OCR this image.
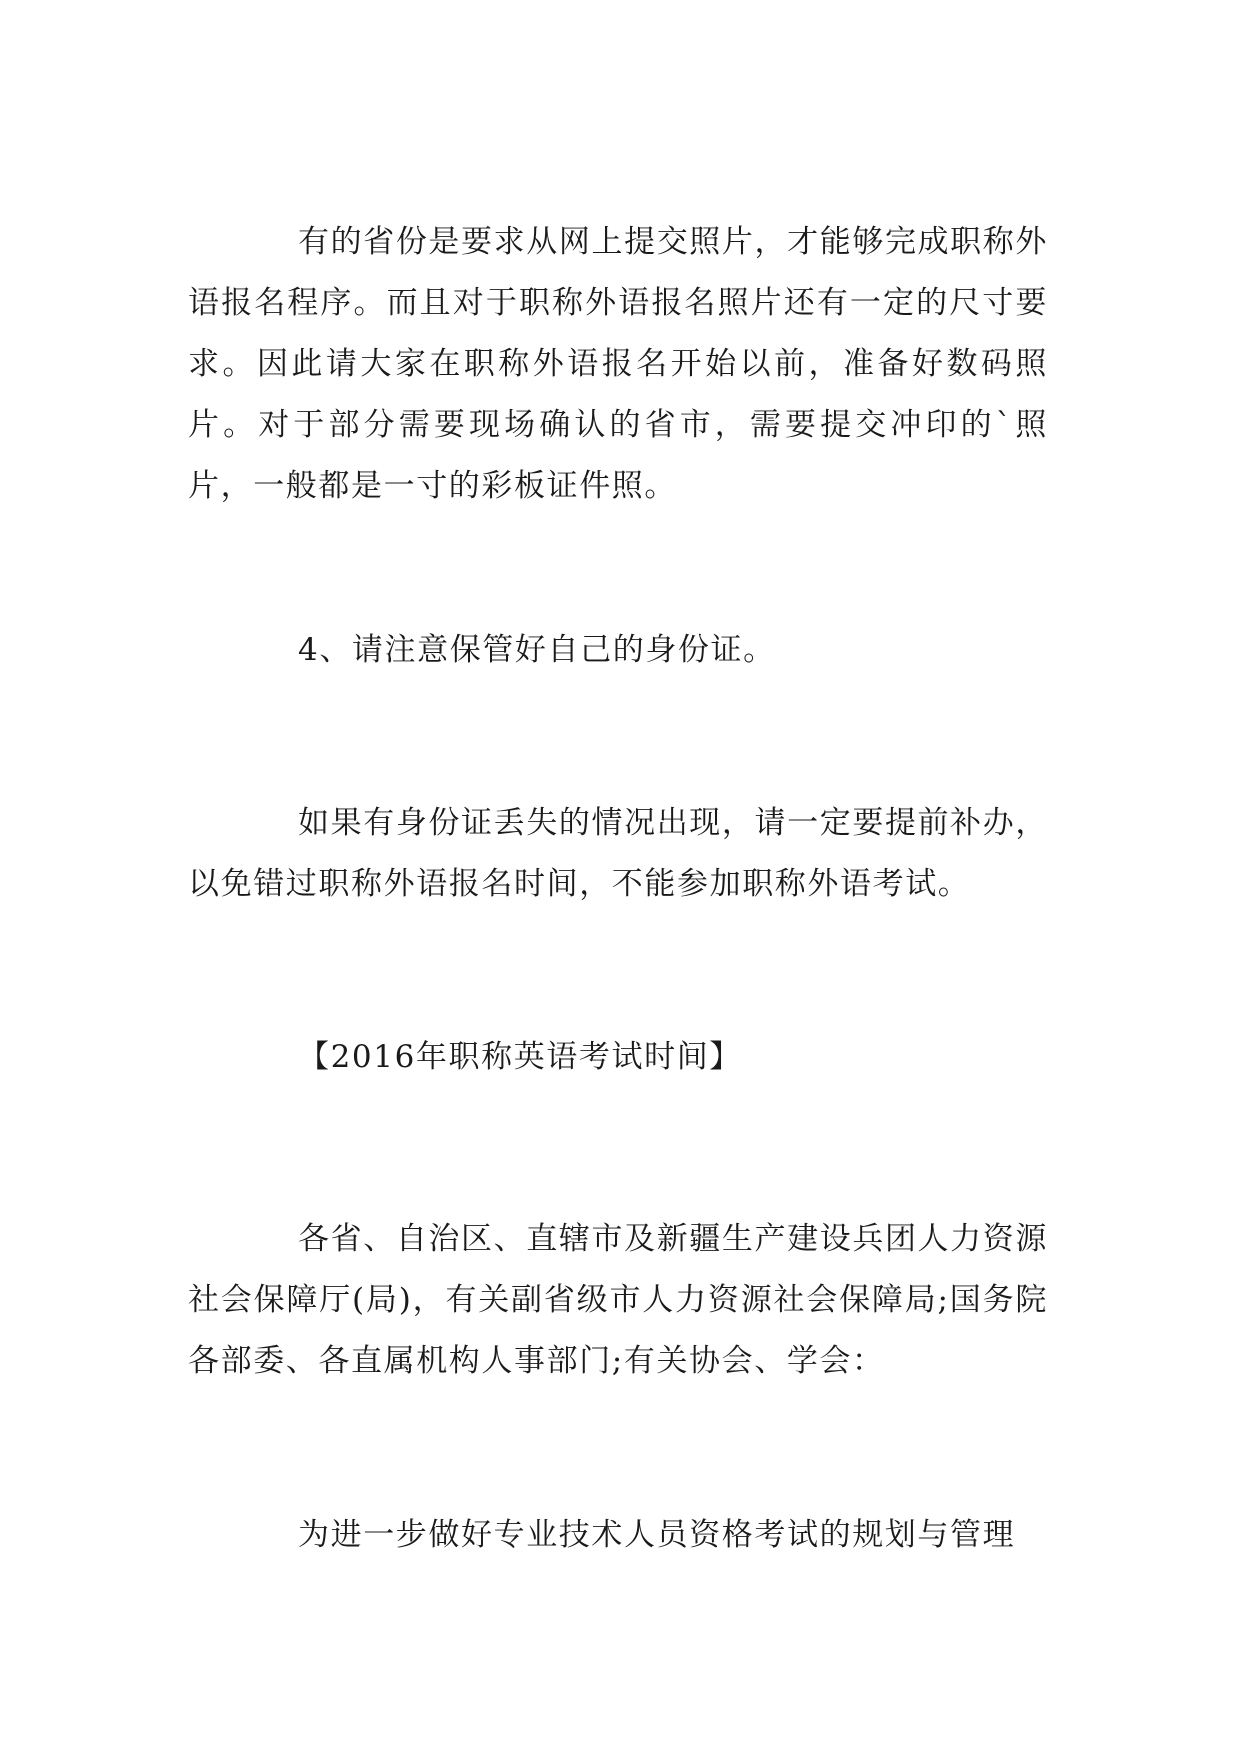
有的省份是要求从网上提交照片，才能够完成职称外语报名程序。而且对于职称外语报名照片还有一定的尺寸要求。因此请大家在职称外语报名开始以前，准备好数码照片。对于部分需要现场确认的省市，需要提交冲印的`照片，一般都是一寸的彩板证件照。

4、请注意保管好自己的身份证。

如果有身份证丢失的情况出现，请一定要提前补办，以免错过职称外语报名时间，不能参加职称外语考试。

【2016年职称英语考试时间】

各省、自治区、直辖市及新疆生产建设兵团人力资源社会保障厅(局)，有关副省级市人力资源社会保障局;国务院各部委、各直属机构人事部门;有关协会、学会：

为进一步做好专业技术人员资格考试的规划与管理
